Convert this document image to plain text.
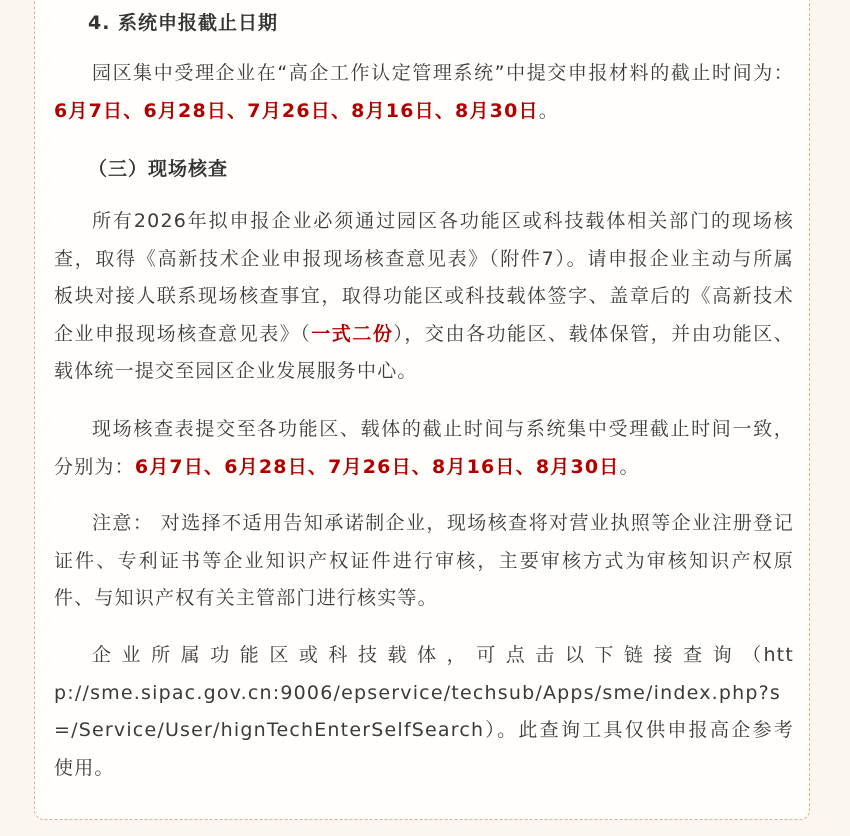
4. 系统申报截止日期

园区集中受理企业在“高企工作认定管理系统”中提交申报材料的截止时间为：6月7日、6月28日、7月26日、8月16日、8月30日。

（三）现场核查

所有2026年拟申报企业必须通过园区各功能区或科技载体相关部门的现场核查，取得《高新技术企业申报现场核查意见表》（附件7）。请申报企业主动与所属板块对接人联系现场核查事宜，取得功能区或科技载体签字、盖章后的《高新技术企业申报现场核查意见表》（一式二份），交由各功能区、载体保管，并由功能区、载体统一提交至园区企业发展服务中心。

现场核查表提交至各功能区、载体的截止时间与系统集中受理截止时间一致，分别为：6月7日、6月28日、7月26日、8月16日、8月30日。

注意： 对选择不适用告知承诺制企业，现场核查将对营业执照等企业注册登记证件、专利证书等企业知识产权证件进行审核，主要审核方式为审核知识产权原件、与知识产权有关主管部门进行核实等。

企业所属功能区或科技载体，可点击以下链接查询（http://sme.sipac.gov.cn:9006/epservice/techsub/Apps/sme/index.php?s=/Service/User/hignTechEnterSelfSearch）。此查询工具仅供申报高企参考使用。
